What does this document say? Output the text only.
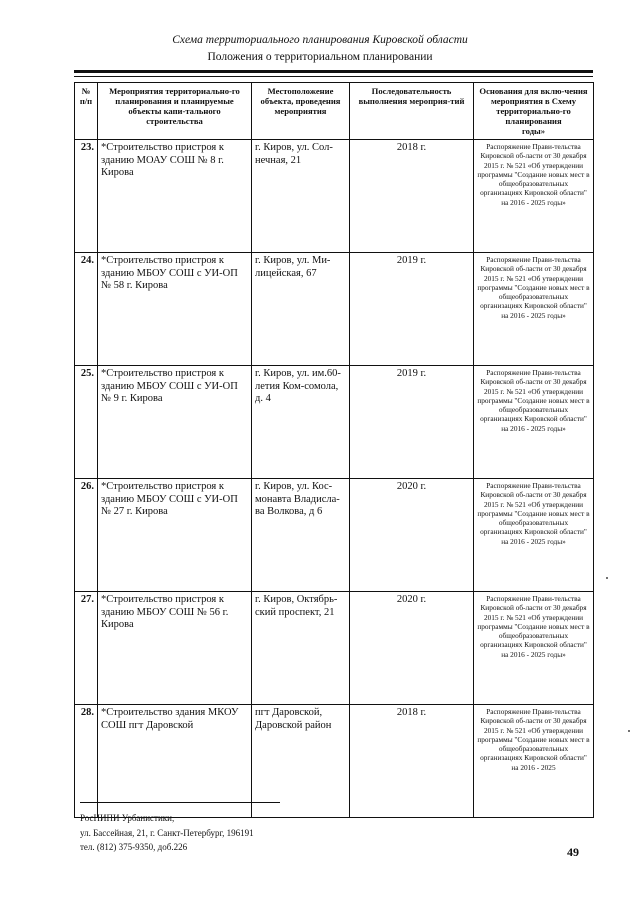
Схема территориального планирования Кировской области
Положения о территориальном планировании
№ п/п	Мероприятия территориально-го планирования и планируемые объекты капи-тального строительства	Местоположение объекта, проведения мероприятия	Последовательность выполнения мероприя-тий	Основания для вклю-чения мероприятия в Схему территориально-го планирования
годы»

23.	*Строительство пристроя к зданию МОАУ СОШ № 8 г. Кирова	г. Киров, ул. Сол-нечная, 21	2018 г.	Распоряжение Прави-тельства Кировской об-ласти от 30 декабря 2015 г. № 521 «Об утверждении программы "Создание новых мест в общеобразовательных организациях Кировской области" на 2016 - 2025 годы»
24.	*Строительство пристроя к зданию МБОУ СОШ с УИ-ОП № 58 г. Кирова	г. Киров, ул. Ми-лицейская, 67	2019 г.	Распоряжение Прави-тельства Кировской об-ласти от 30 декабря 2015 г. № 521 «Об утверждении программы "Создание новых мест в общеобразовательных организациях Кировской области" на 2016 - 2025 годы»
25.	*Строительство пристроя к зданию МБОУ СОШ с УИ-ОП № 9 г. Кирова	г. Киров, ул. им.60-летия Ком-сомола, д. 4	2019 г.	Распоряжение Прави-тельства Кировской об-ласти от 30 декабря 2015 г. № 521 «Об утверждении программы "Создание новых мест в общеобразовательных организациях Кировской области" на 2016 - 2025 годы»
26.	*Строительство пристроя к зданию МБОУ СОШ с УИ-ОП № 27 г. Кирова	г. Киров, ул. Кос-монавта Владисла-ва Волкова, д 6	2020 г.	Распоряжение Прави-тельства Кировской об-ласти от 30 декабря 2015 г. № 521 «Об утверждении программы "Создание новых мест в общеобразовательных организациях Кировской области" на 2016 - 2025 годы»
27.	*Строительство пристроя к зданию МБОУ СОШ № 56 г. Кирова	г. Киров, Октябрь-ский проспект, 21	2020 г.	Распоряжение Прави-тельства Кировской об-ласти от 30 декабря 2015 г. № 521 «Об утверждении программы "Создание новых мест в общеобразовательных организациях Кировской области" на 2016 - 2025 годы»
28.	*Строительство здания МКОУ СОШ пгт Даровской	пгт Даровской, Даровской район	2018 г.	Распоряжение Прави-тельства Кировской об-ласти от 30 декабря 2015 г. № 521 «Об утверждении программы "Создание новых мест в общеобразовательных организациях Кировской области" на 2016 - 2025
РосНИПИ Урбанистики,
ул. Бассейная, 21, г. Санкт-Петербург, 196191
тел. (812) 375-9350, доб.226	49
